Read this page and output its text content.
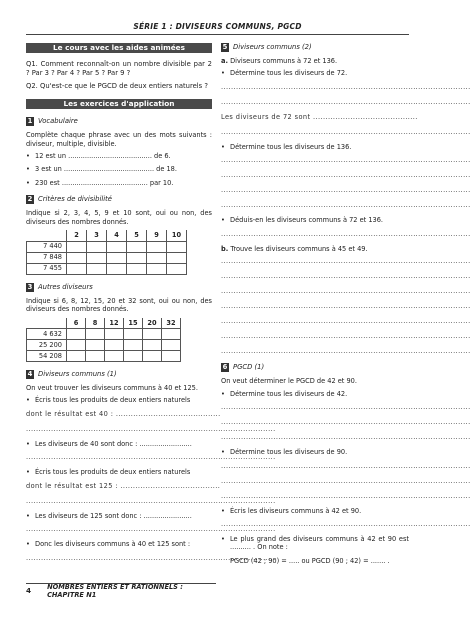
SÉRIE 1 : DIVISEURS COMMUNS, PGCD
Le cours avec les aides animées

Q1. Comment reconnaît-on un nombre divisible par 2 ? Par 3 ? Par 4 ? Par 5 ? Par 9 ?

Q2. Qu'est-ce que le PGCD de deux entiers naturels ?

Les exercices d'application
1 Vocabulaire

Complète chaque phrase avec un des mots suivants : diviseur, multiple, divisible.

• 12 est un ........................................ de 6.
• 3 est un ........................................... de 18.
• 230 est ......................................... par 10.
2 Critères de divisibilité

Indique si 2, 3, 4, 5, 9 et 10 sont, oui ou non, des diviseurs des nombres donnés.

	2	3	4	5	9	10
7 440						
7 848						
7 455						
3 Autres diviseurs

Indique si 6, 8, 12, 15, 20 et 32 sont, oui ou non, des diviseurs des nombres donnés.

	6	8	12	15	20	32
4 632						
25 200						
54 208						
4 Diviseurs communs (1)

On veut trouver les diviseurs communs à 40 et 125.

• Écris tous les produits de deux entiers naturels
dont le résultat est 40 : ..........................................
....................................................................................................
• Les diviseurs de 40 sont donc : .........................
....................................................................................................
• Écris tous les produits de deux entiers naturels
dont le résultat est 125 : ........................................
....................................................................................................
• Les diviseurs de 125 sont donc : .......................
....................................................................................................
• Donc les diviseurs communs à 40 et 125 sont :
....................................................................................................
5 Diviseurs communs (2)

a. Diviseurs communs à 72 et 136.

• Détermine tous les diviseurs de 72.
....................................................................................................
....................................................................................................
Les diviseurs de 72 sont ..........................................
....................................................................................................
• Détermine tous les diviseurs de 136.
....................................................................................................
....................................................................................................
....................................................................................................
....................................................................................................
• Déduis-en les diviseurs communs à 72 et 136.
....................................................................................................

b. Trouve les diviseurs communs à 45 et 49.

....................................................................................................
....................................................................................................
....................................................................................................
....................................................................................................
....................................................................................................
....................................................................................................
....................................................................................................
6 PGCD (1)

On veut déterminer le PGCD de 42 et 90.

• Détermine tous les diviseurs de 42.
....................................................................................................
....................................................................................................
....................................................................................................
• Détermine tous les diviseurs de 90.
....................................................................................................
....................................................................................................
....................................................................................................
• Écris les diviseurs communs à 42 et 90.
....................................................................................................
• Le plus grand des diviseurs communs à 42 et 90 est .......... . On note :

PGCD (42 ; 90) = ..... ou PGCD (90 ; 42) = ....... .

4 NOMBRES ENTIERS ET RATIONNELS : CHAPITRE N1
